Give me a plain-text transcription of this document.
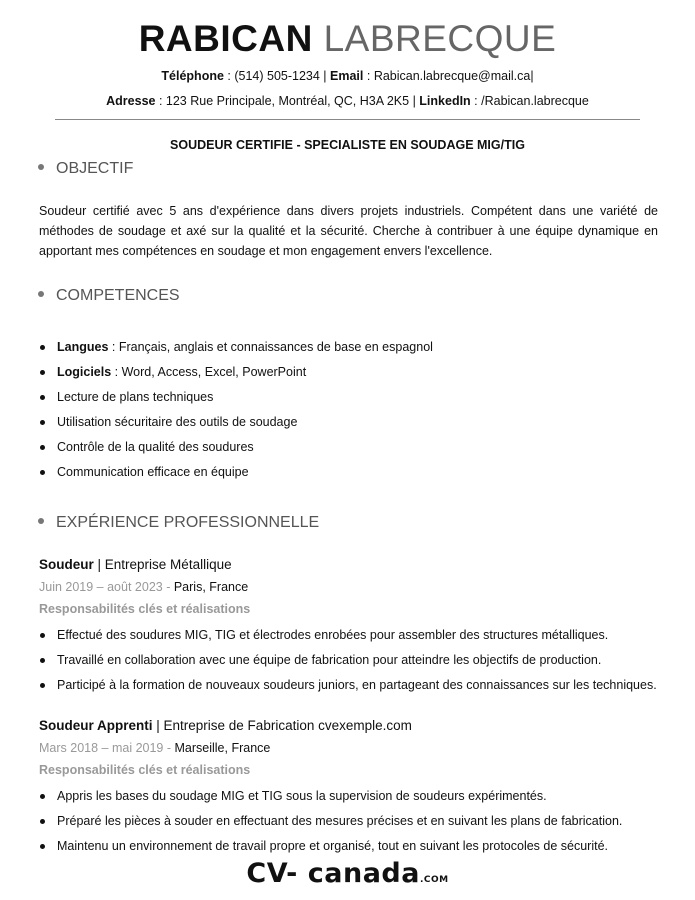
RABICAN LABRECQUE
Téléphone : (514) 505-1234 | Email : Rabican.labrecque@mail.ca|
Adresse : 123 Rue Principale, Montréal, QC, H3A 2K5 | LinkedIn : /Rabican.labrecque
SOUDEUR CERTIFIE - SPECIALISTE EN SOUDAGE MIG/TIG
OBJECTIF
Soudeur certifié avec 5 ans d'expérience dans divers projets industriels. Compétent dans une variété de méthodes de soudage et axé sur la qualité et la sécurité. Cherche à contribuer à une équipe dynamique en apportant mes compétences en soudage et mon engagement envers l'excellence.
COMPETENCES
Langues : Français, anglais et connaissances de base en espagnol
Logiciels : Word, Access, Excel, PowerPoint
Lecture de plans techniques
Utilisation sécuritaire des outils de soudage
Contrôle de la qualité des soudures
Communication efficace en équipe
EXPÉRIENCE PROFESSIONNELLE
Soudeur | Entreprise Métallique
Juin 2019 – août 2023 - Paris, France
Responsabilités clés et réalisations
Effectué des soudures MIG, TIG et électrodes enrobées pour assembler des structures métalliques.
Travaillé en collaboration avec une équipe de fabrication pour atteindre les objectifs de production.
Participé à la formation de nouveaux soudeurs juniors, en partageant des connaissances sur les techniques.
Soudeur Apprenti | Entreprise de Fabrication cvexemple.com
Mars 2018 – mai 2019 - Marseille, France
Responsabilités clés et réalisations
Appris les bases du soudage MIG et TIG sous la supervision de soudeurs expérimentés.
Préparé les pièces à souder en effectuant des mesures précises et en suivant les plans de fabrication.
Maintenu un environnement de travail propre et organisé, tout en suivant les protocoles de sécurité.
CV- canada.COM
